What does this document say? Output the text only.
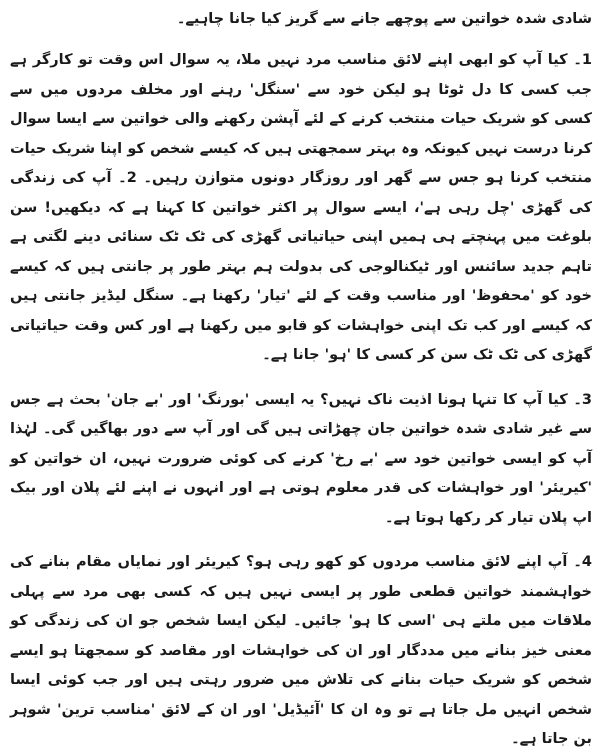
شادی شدہ خواتین سے پوچھے جانے سے گریز کیا جانا چاہیے۔

1۔ کیا آپ کو ابھی اپنے لائق مناسب مرد نہیں ملا، یہ سوال اس وقت تو کارگر ہے جب کسی کا دل ٹوٹا ہو لیکن خود سے 'سنگل' رہنے اور مخلف مردوں میں سے کسی کو شریک حیات منتخب کرنے کے لئے آپشن رکھنے والی خواتین سے ایسا سوال کرنا درست نہیں کیونکہ وہ بہتر سمجھتی ہیں کہ کیسے شخص کو اپنا شریک حیات منتخب کرنا ہو جس سے گھر اور روزگار دونوں متوازن رہیں۔ 2۔ آپ کی زندگی کی گھڑی 'چل رہی ہے'، ایسے سوال پر اکثر خواتین کا کہنا ہے کہ دیکھیں! سن بلوغت میں پہنچتے ہی ہمیں اپنی حیاتیاتی گھڑی کی ٹک ٹک سنائی دینے لگتی ہے تاہم جدید سائنس اور ٹیکنالوجی کی بدولت ہم بہتر طور پر جانتی ہیں کہ کیسے خود کو 'محفوظ' اور مناسب وقت کے لئے 'تیار' رکھنا ہے۔ سنگل لیڈیز جانتی ہیں کہ کیسے اور کب تک اپنی خواہشات کو قابو میں رکھنا ہے اور کس وقت حیاتیاتی گھڑی کی ٹک ٹک سن کر کسی کا 'ہو' جانا ہے۔

3۔ کیا آپ کا تنہا ہونا اذیت ناک نہیں؟ یہ ایسی 'بورنگ' اور 'بے جان' بحث ہے جس سے غیر شادی شدہ خواتین جان چھڑاتی ہیں گی اور آپ سے دور بھاگیں گی۔ لہٰذا آپ کو ایسی خواتین خود سے 'بے رخ' کرنے کی کوئی ضرورت نہیں، ان خواتین کو 'کیریئر' اور خواہشات کی قدر معلوم ہوتی ہے اور انہوں نے اپنے لئے پلان اور بیک اپ پلان تیار کر رکھا ہوتا ہے۔

4۔ آپ اپنے لائق مناسب مردوں کو کھو رہی ہو؟ کیریئر اور نمایاں مقام بنانے کی خواہشمند خواتین قطعی طور پر ایسی نہیں ہیں کہ کسی بھی مرد سے پہلی ملاقات میں ملتے ہی 'اسی کا ہو' جائیں۔ لیکن ایسا شخص جو ان کی زندگی کو معنی خیز بنانے میں مددگار اور ان کی خواہشات اور مقاصد کو سمجھتا ہو ایسے شخص کو شریک حیات بنانے کی تلاش میں ضرور رہتی ہیں اور جب کوئی ایسا شخص انہیں مل جاتا ہے تو وہ ان کا 'آئیڈیل' اور ان کے لائق 'مناسب ترین' شوہر بن جاتا ہے۔
